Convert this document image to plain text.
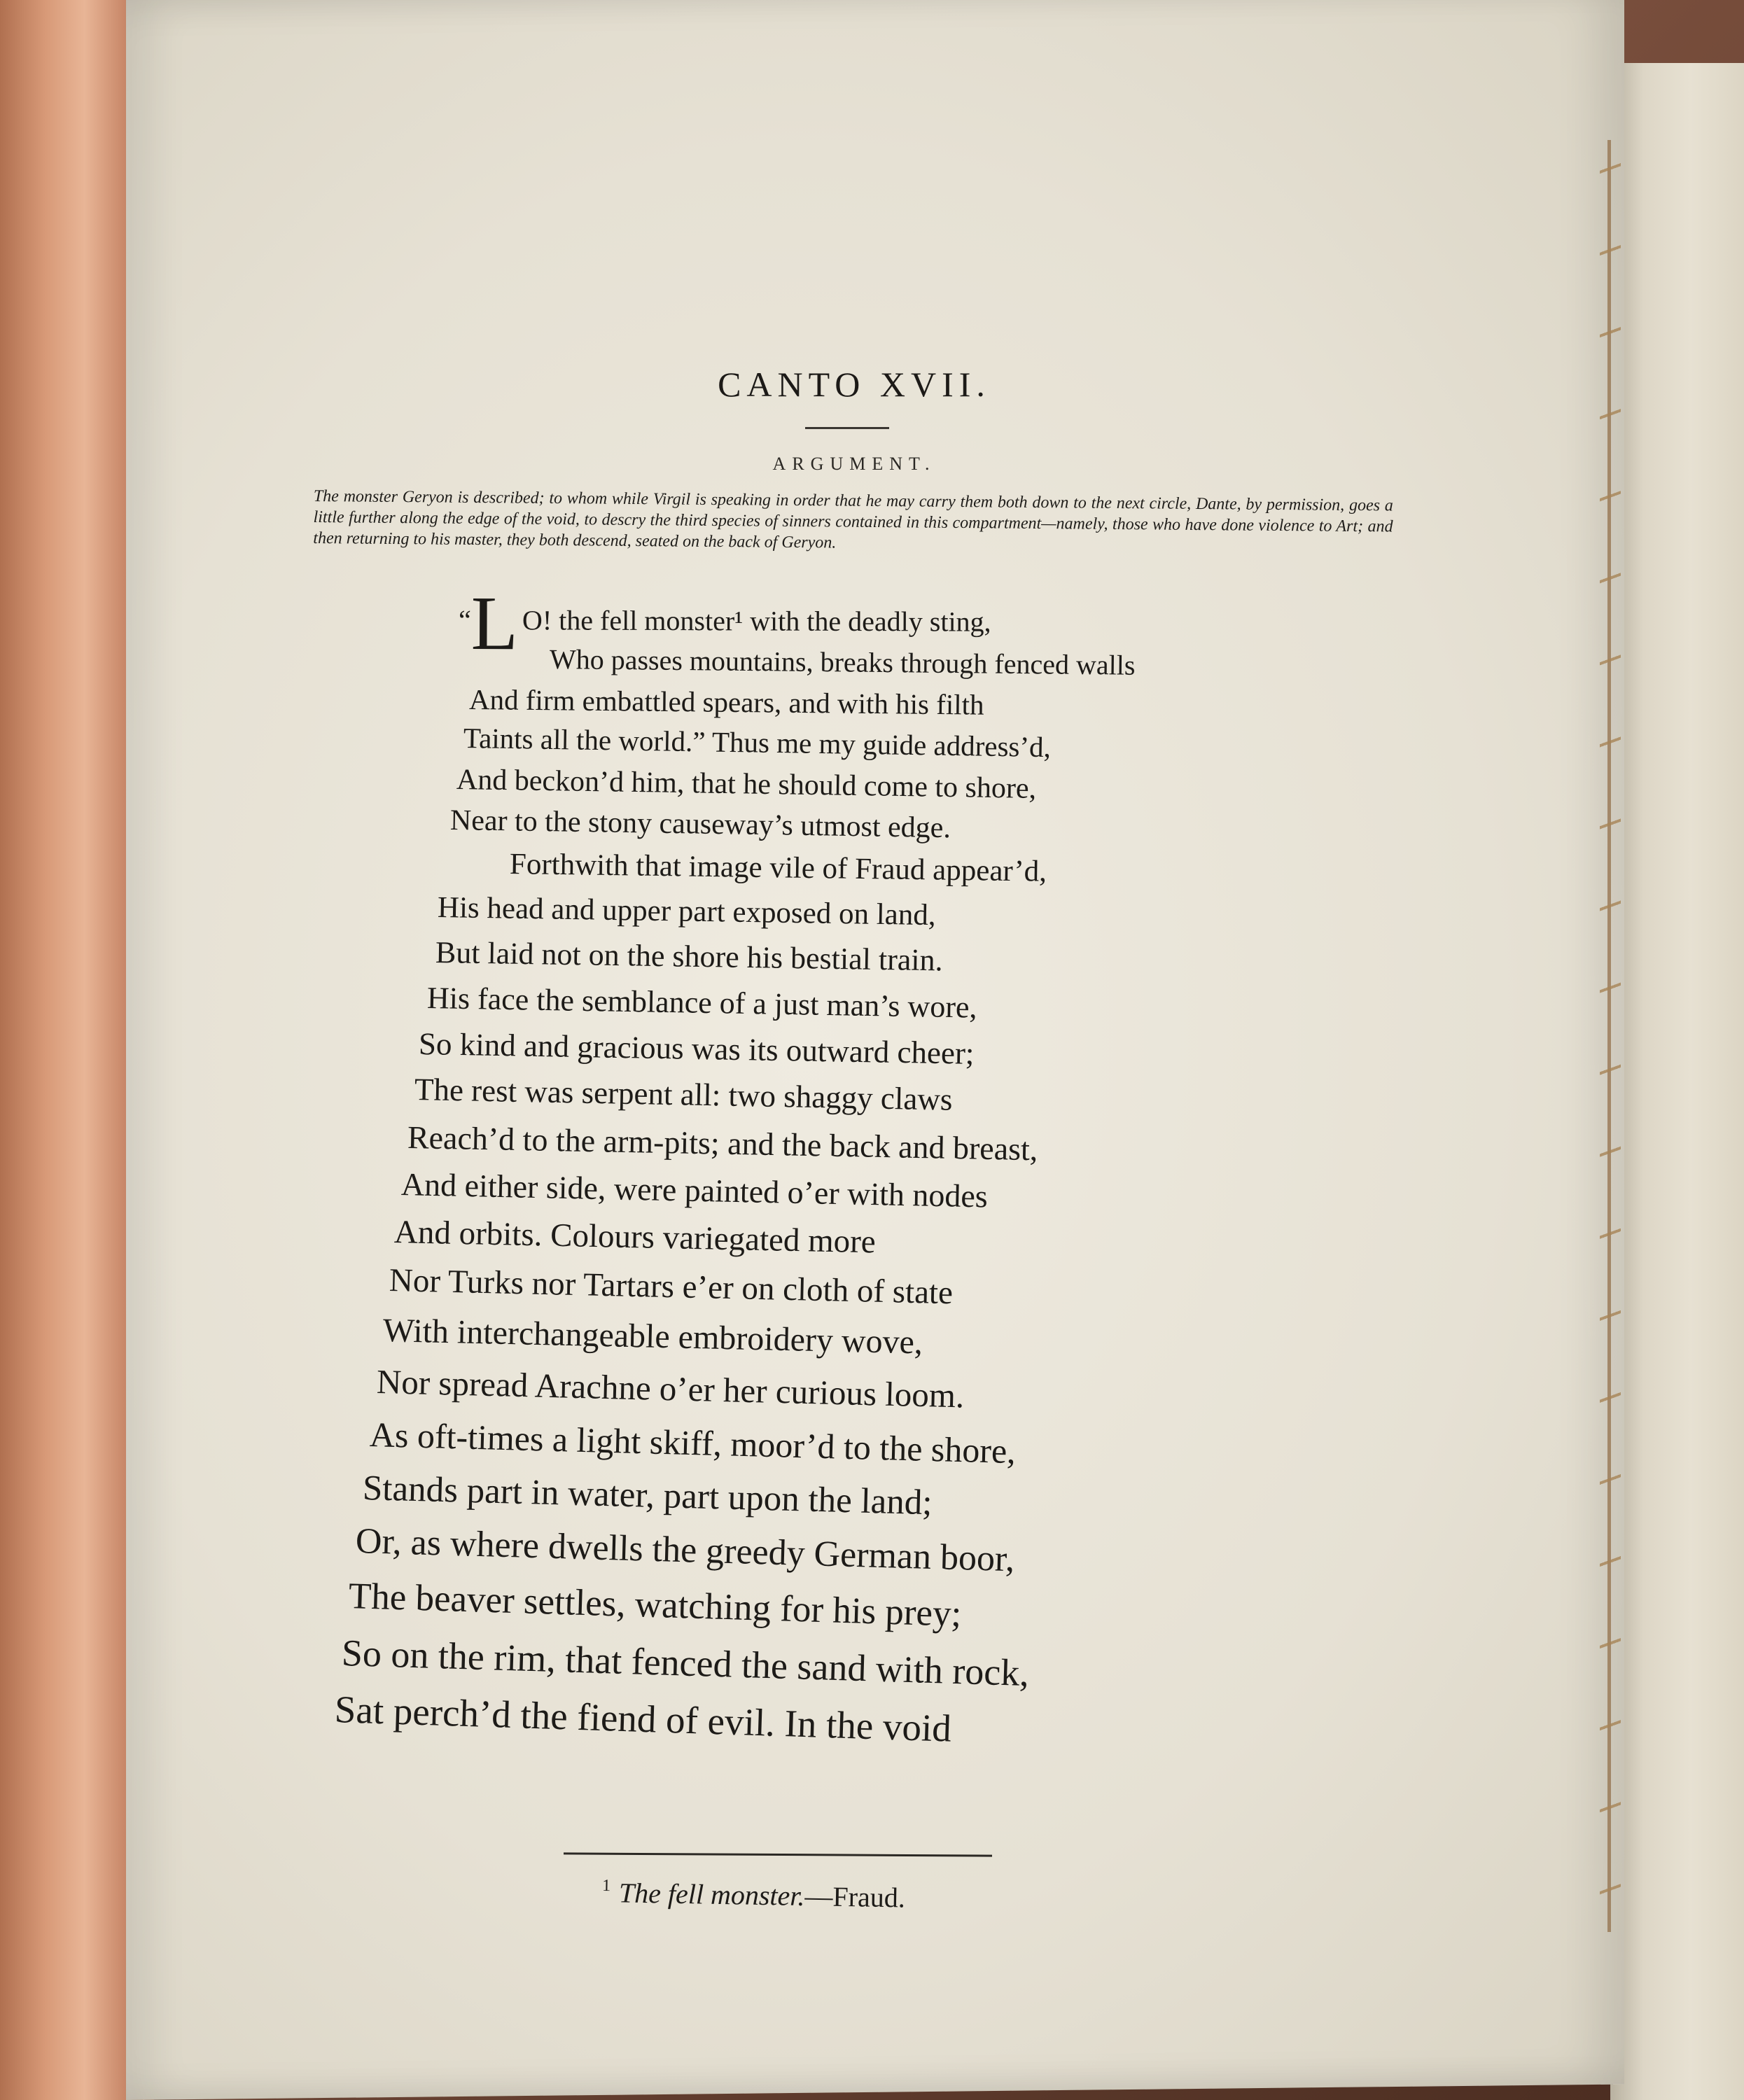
CANTO XVII.
ARGUMENT.
The monster Geryon is described; to whom while Virgil is speaking in order that he may carry them both down to the next circle, Dante, by permission, goes a little further along the edge of the void, to descry the third species of sinners contained in this compartment—namely, those who have done violence to Art; and then returning to his master, they both descend, seated on the back of Geryon.
“L O! the fell monster¹ with the deadly sting,
Who passes mountains, breaks through fenced walls
And firm embattled spears, and with his filth
Taints all the world.” Thus me my guide address’d,
And beckon’d him, that he should come to shore,
Near to the stony causeway’s utmost edge.
Forthwith that image vile of Fraud appear’d,
His head and upper part exposed on land,
But laid not on the shore his bestial train.
His face the semblance of a just man’s wore,
So kind and gracious was its outward cheer;
The rest was serpent all: two shaggy claws
Reach’d to the arm-pits; and the back and breast,
And either side, were painted o’er with nodes
And orbits. Colours variegated more
Nor Turks nor Tartars e’er on cloth of state
With interchangeable embroidery wove,
Nor spread Arachne o’er her curious loom.
As oft-times a light skiff, moor’d to the shore,
Stands part in water, part upon the land;
Or, as where dwells the greedy German boor,
The beaver settles, watching for his prey;
So on the rim, that fenced the sand with rock,
Sat perch’d the fiend of evil. In the void
$^1$ The fell monster.—Fraud.
